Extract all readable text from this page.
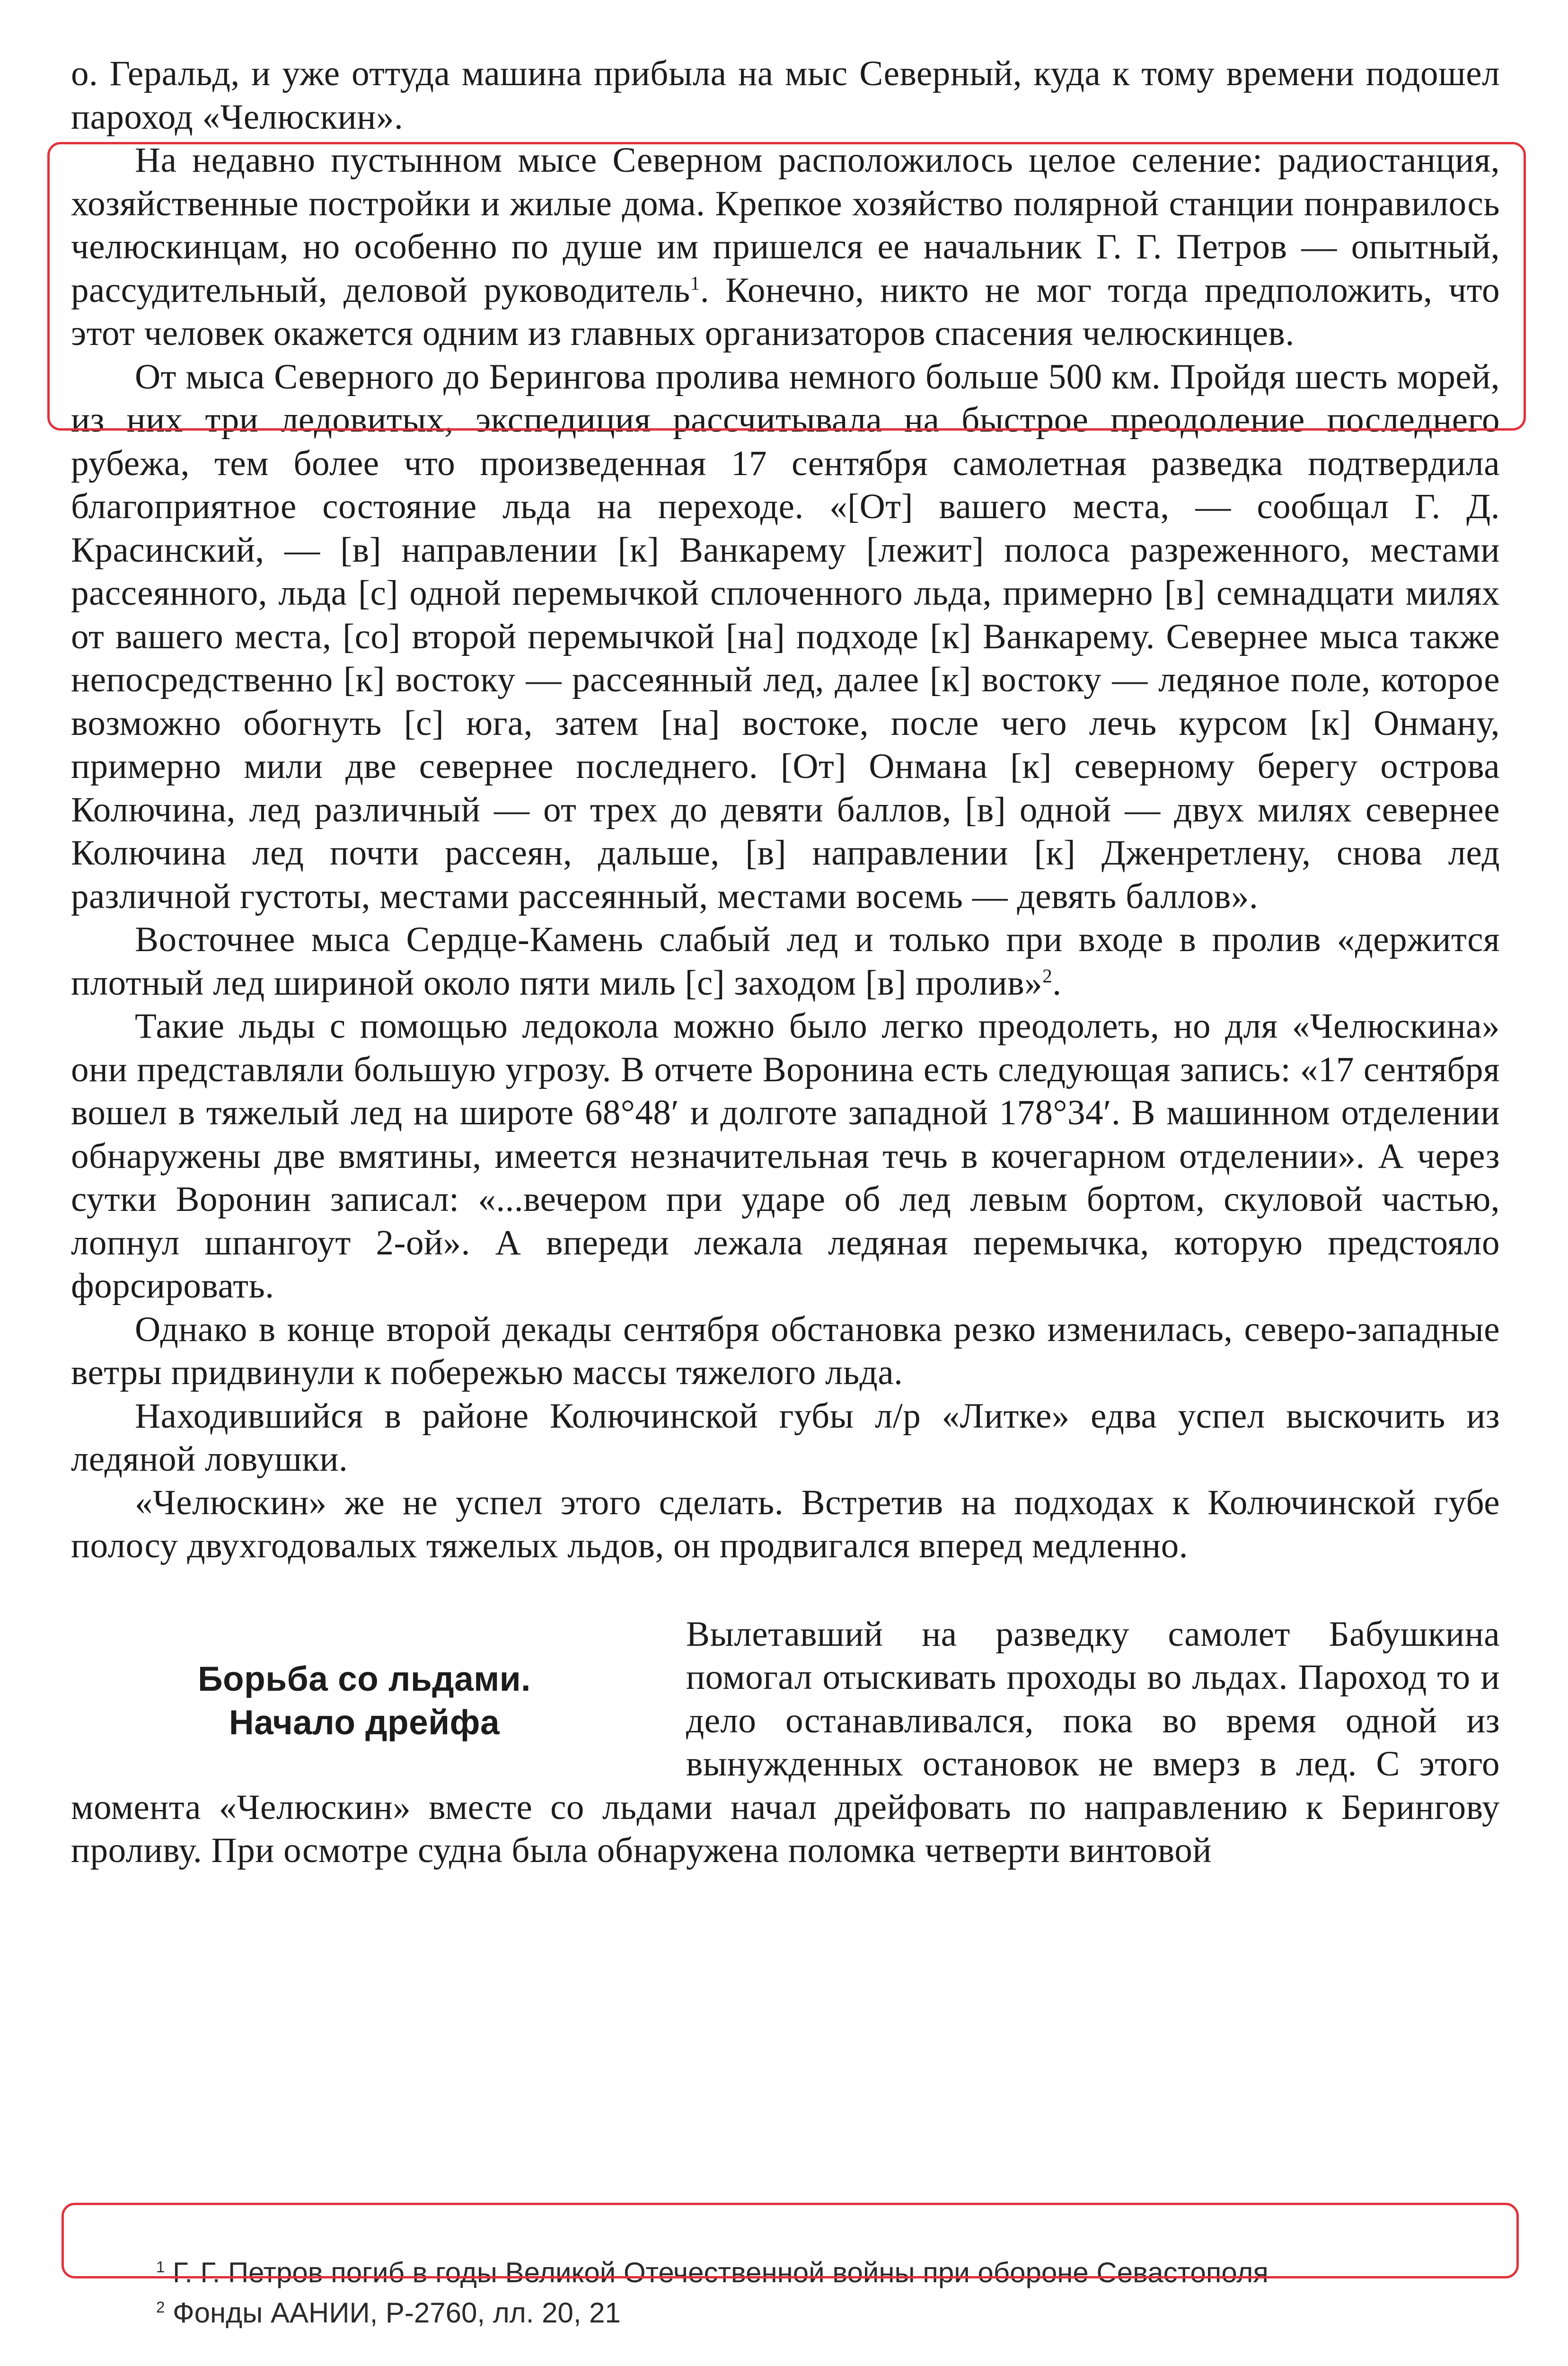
о. Геральд, и уже оттуда машина прибыла на мыс Северный, куда к тому времени подошел пароход «Челюскин».

На недавно пустынном мысе Северном расположилось целое селение: радиостанция, хозяйственные постройки и жилые дома. Крепкое хозяйство полярной станции понравилось челюскинцам, но особенно по душе им пришелся ее начальник Г. Г. Петров — опытный, рассудительный, деловой руководитель$^1$. Конечно, никто не мог тогда предположить, что этот человек окажется одним из главных организаторов спасения челюскинцев.

От мыса Северного до Берингова пролива немного больше 500 км. Пройдя шесть морей, из них три ледовитых, экспедиция рассчитывала на быстрое преодоление последнего рубежа, тем более что произведенная 17 сентября самолетная разведка подтвердила благоприятное состояние льда на переходе. «[От] вашего места, — сообщал Г. Д. Красинский, — [в] направлении [к] Ванкарему [лежит] полоса разреженного, местами рассеянного, льда [с] одной перемычкой сплоченного льда, примерно [в] семнадцати милях от вашего места, [со] второй перемычкой [на] подходе [к] Ванкарему. Севернее мыса также непосредственно [к] востоку — рассеянный лед, далее [к] востоку — ледяное поле, которое возможно обогнуть [с] юга, затем [на] востоке, после чего лечь курсом [к] Онману, примерно мили две севернее последнего. [От] Онмана [к] северному берегу острова Колючина, лед различный — от трех до девяти баллов, [в] одной — двух милях севернее Колючина лед почти рассеян, дальше, [в] направлении [к] Дженретлену, снова лед различной густоты, местами рассеянный, местами восемь — девять баллов».

Восточнее мыса Сердце-Камень слабый лед и только при входе в пролив «держится плотный лед шириной около пяти миль [с] заходом [в] пролив»$^2$.

Такие льды с помощью ледокола можно было легко преодолеть, но для «Челюскина» они представляли большую угрозу. В отчете Воронина есть следующая запись: «17 сентября вошел в тяжелый лед на широте 68°48′ и долготе западной 178°34′. В машинном отделении обнаружены две вмятины, имеется незначительная течь в кочегарном отделении». А через сутки Воронин записал: «...вечером при ударе об лед левым бортом, скуловой частью, лопнул шпангоут 2-ой». А впереди лежала ледяная перемычка, которую предстояло форсировать.

Однако в конце второй декады сентября обстановка резко изменилась, северо-западные ветры придвинули к побережью массы тяжелого льда.

Находившийся в районе Колючинской губы л/р «Литке» едва успел выскочить из ледяной ловушки.

«Челюскин» же не успел этого сделать. Встретив на подходах к Колючинской губе полосу двухгодовалых тяжелых льдов, он продвигался вперед медленно.

Борьба со льдами.
Начало дрейфа

Вылетавший на разведку самолет Бабушкина помогал отыскивать проходы во льдах. Пароход то и дело останавливался, пока во время одной из вынужденных остановок не вмерз в лед. С этого момента «Челюскин» вместе со льдами начал дрейфовать по направлению к Берингову проливу. При осмотре судна была обнаружена поломка четверти винтовой

$^1$ Г. Г. Петров погиб в годы Великой Отечественной войны при обороне Севастополя

$^2$ Фонды ААНИИ, Р-2760, лл. 20, 21
